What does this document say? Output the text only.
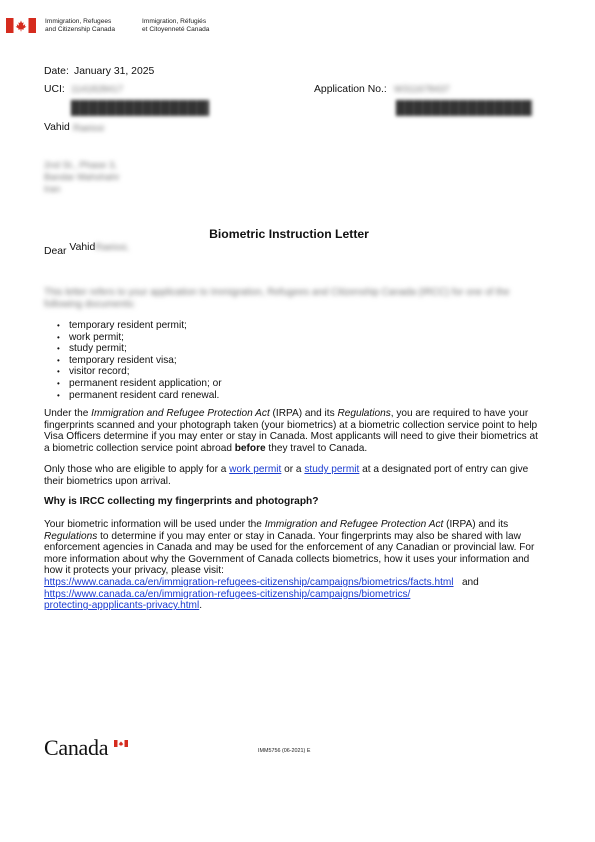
Immigration, Refugees
and Citizenship Canada
Immigration, Réfugiés
et Citoyenneté Canada
Date: January 31, 2025
UCI: 1141828417	Application No.: W311678437
Vahid Raeissi
2nd St., Phase 3,
Bandar Mahshahr
Iran
Biometric Instruction Letter
Dear VahidRaeissi,
This letter refers to your application to Immigration, Refugees and Citizenship Canada (IRCC) for one of the
following documents:
• temporary resident permit;
• work permit;
• study permit;
• temporary resident visa;
• visitor record;
• permanent resident application; or
• permanent resident card renewal.
Under the Immigration and Refugee Protection Act (IRPA) and its Regulations, you are required to have your fingerprints scanned and your photograph taken (your biometrics) at a biometric collection service point to help Visa Officers determine if you may enter or stay in Canada. Most applicants will need to give their biometrics at a biometric collection service point abroad before they travel to Canada.
Only those who are eligible to apply for a work permit or a study permit at a designated port of entry can give their biometrics upon arrival.
Why is IRCC collecting my fingerprints and photograph?
Your biometric information will be used under the Immigration and Refugee Protection Act (IRPA) and its Regulations to determine if you may enter or stay in Canada. Your fingerprints may also be shared with law enforcement agencies in Canada and may be used for the enforcement of any Canadian or provincial law. For more information about why the Government of Canada collects biometrics, how it uses your information and how it protects your privacy, please visit:
https://www.canada.ca/en/immigration-refugees-citizenship/campaigns/biometrics/facts.html   and
https://www.canada.ca/en/immigration-refugees-citizenship/campaigns/biometrics/
protecting-appplicants-privacy.html.
Canada	IMM5756 (06-2021) E
